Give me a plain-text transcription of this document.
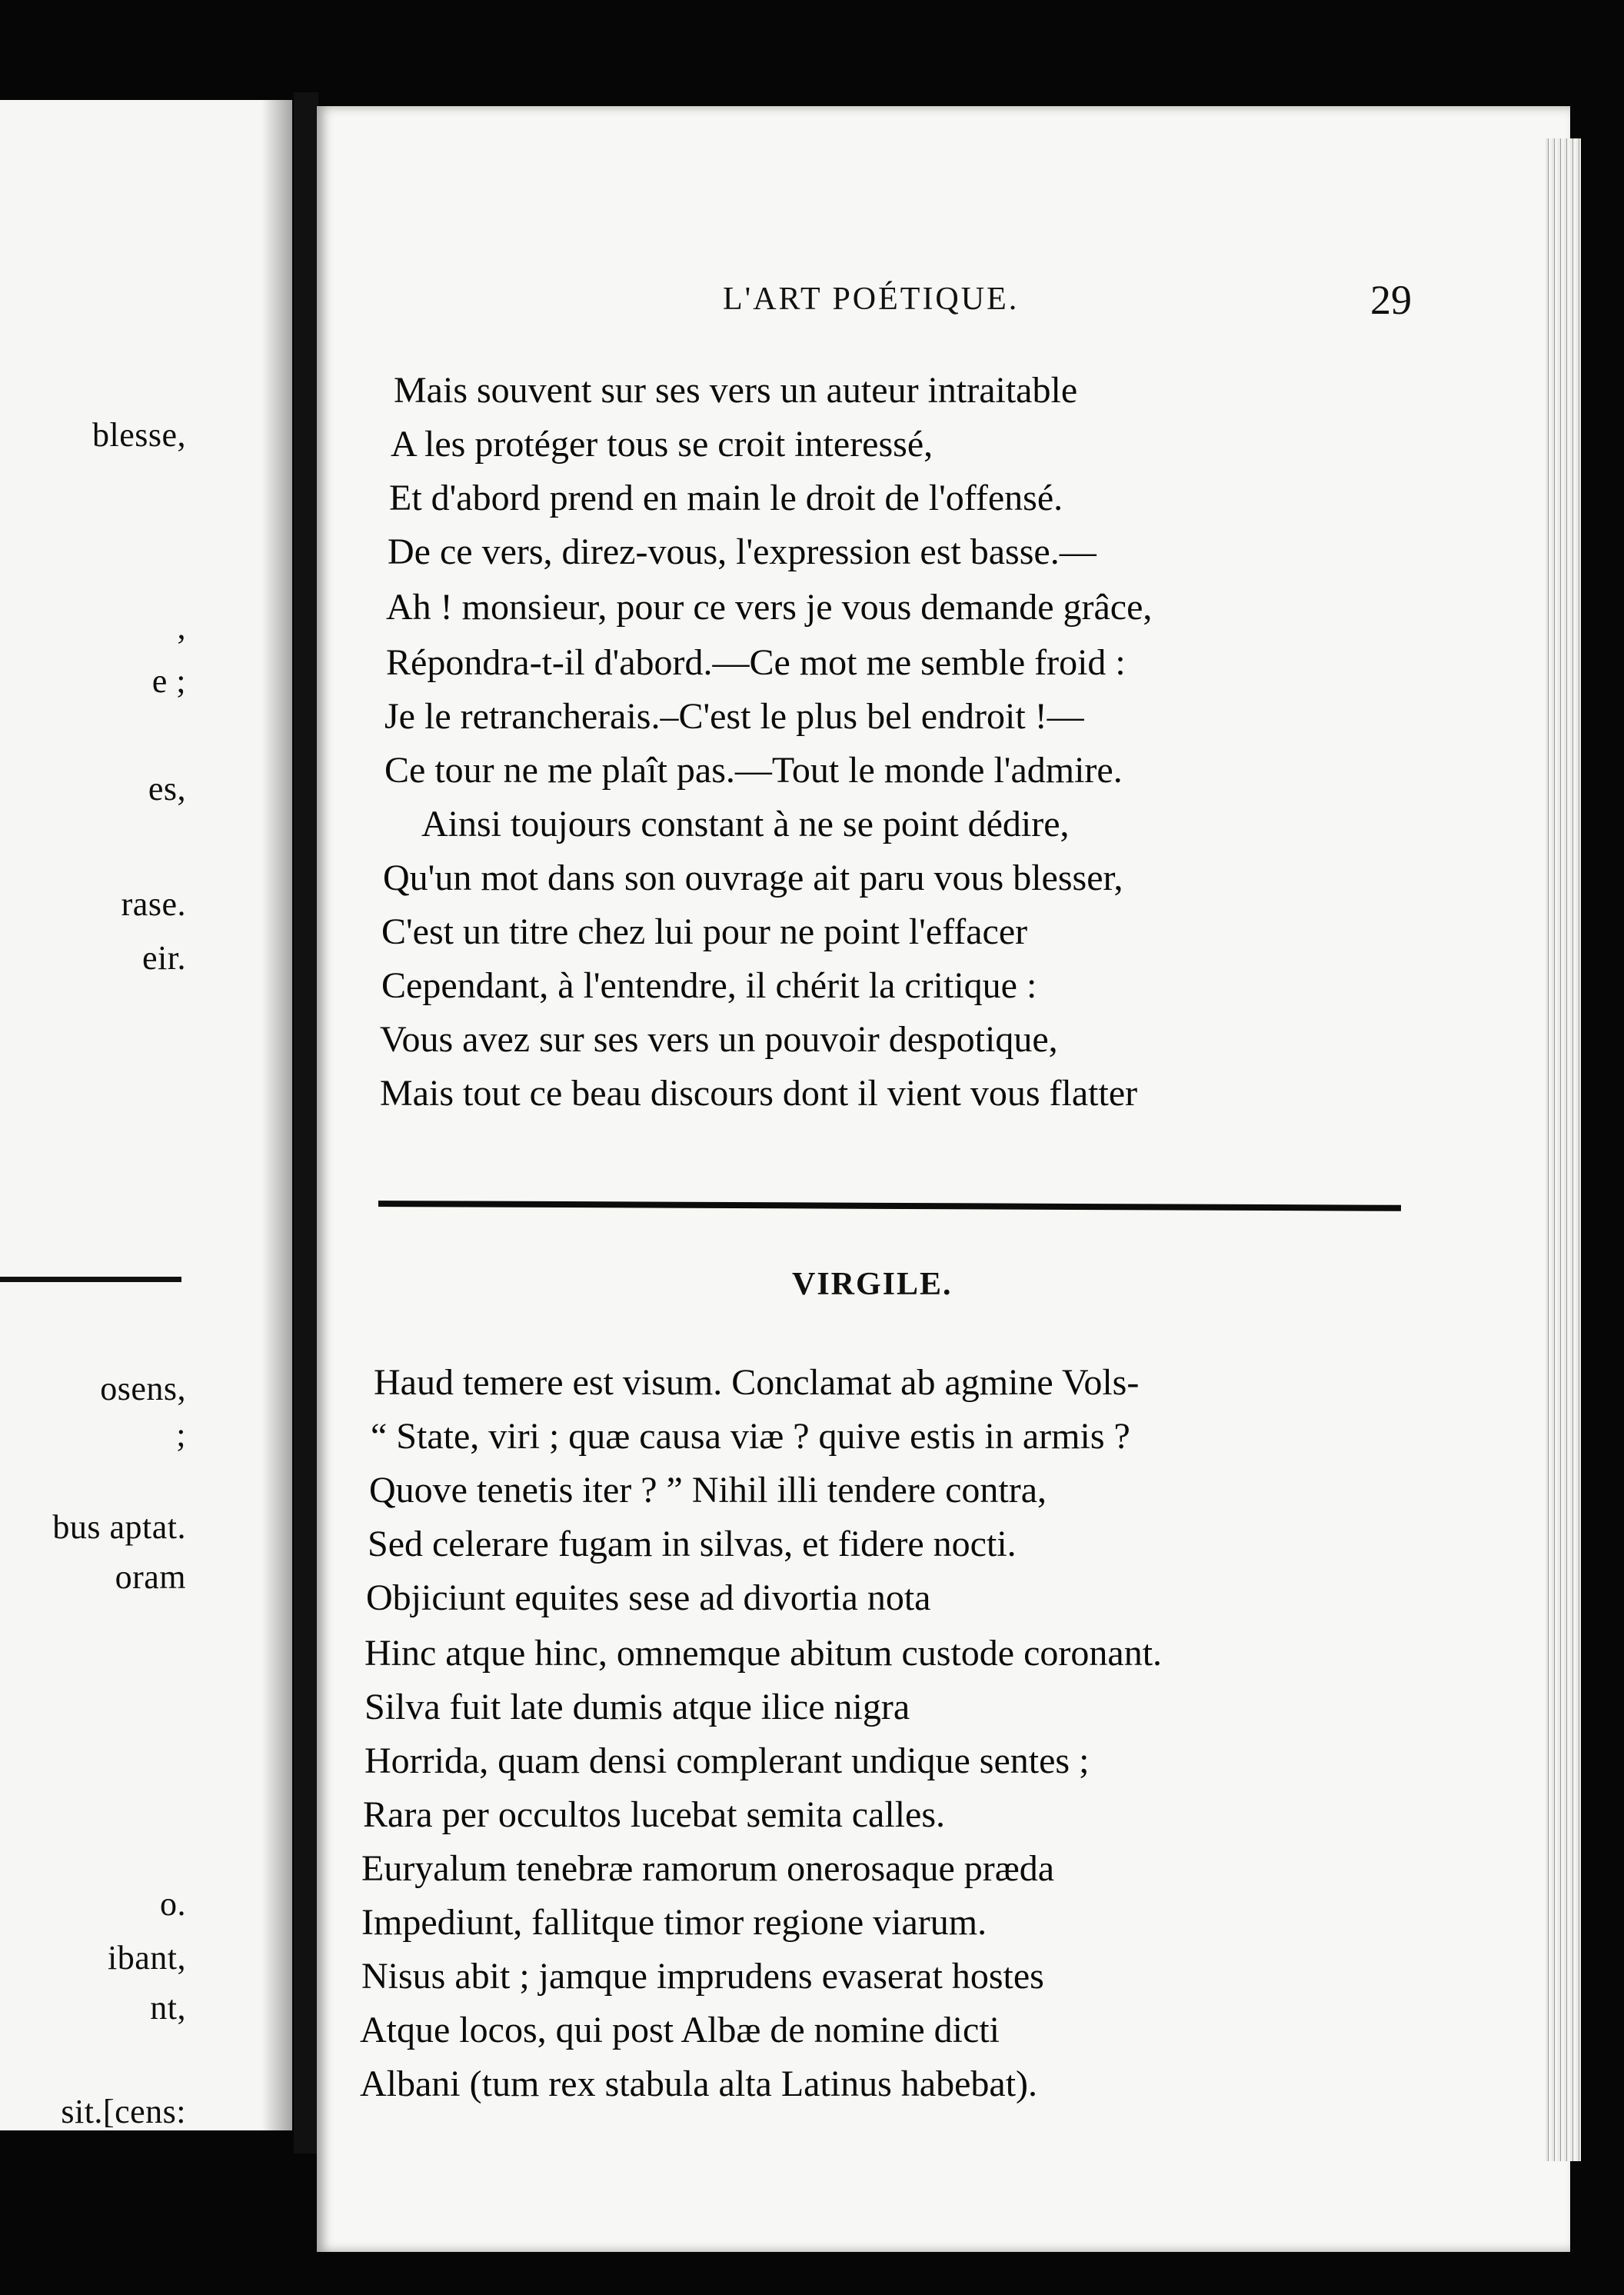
blesse,
,
e ;
es,
rase.
eir.
osens,
;
bus aptat.
oram
o.
ibant,
nt,
sit.[cens:
L'ART POÉTIQUE.	29
Mais souvent sur ses vers un auteur intraitable
A les protéger tous se croit interessé,
Et d'abord prend en main le droit de l'offensé.
De ce vers, direz-vous, l'expression est basse.—
Ah ! monsieur, pour ce vers je vous demande grâce,
Répondra-t-il d'abord.—Ce mot me semble froid :
Je le retrancherais.–C'est le plus bel endroit !—
Ce tour ne me plaît pas.—Tout le monde l'admire.
Ainsi toujours constant à ne se point dédire,
Qu'un mot dans son ouvrage ait paru vous blesser,
C'est un titre chez lui pour ne point l'effacer
Cependant, à l'entendre, il chérit la critique :
Vous avez sur ses vers un pouvoir despotique,
Mais tout ce beau discours dont il vient vous flatter
VIRGILE.
Haud temere est visum. Conclamat ab agmine Vols-
“ State, viri ; quæ causa viæ ? quive estis in armis ?
Quove tenetis iter ? ” Nihil illi tendere contra,
Sed celerare fugam in silvas, et fidere nocti.
Objiciunt equites sese ad divortia nota
Hinc atque hinc, omnemque abitum custode coronant.
Silva fuit late dumis atque ilice nigra
Horrida, quam densi complerant undique sentes ;
Rara per occultos lucebat semita calles.
Euryalum tenebræ ramorum onerosaque præda
Impediunt, fallitque timor regione viarum.
Nisus abit ; jamque imprudens evaserat hostes
Atque locos, qui post Albæ de nomine dicti
Albani (tum rex stabula alta Latinus habebat).
